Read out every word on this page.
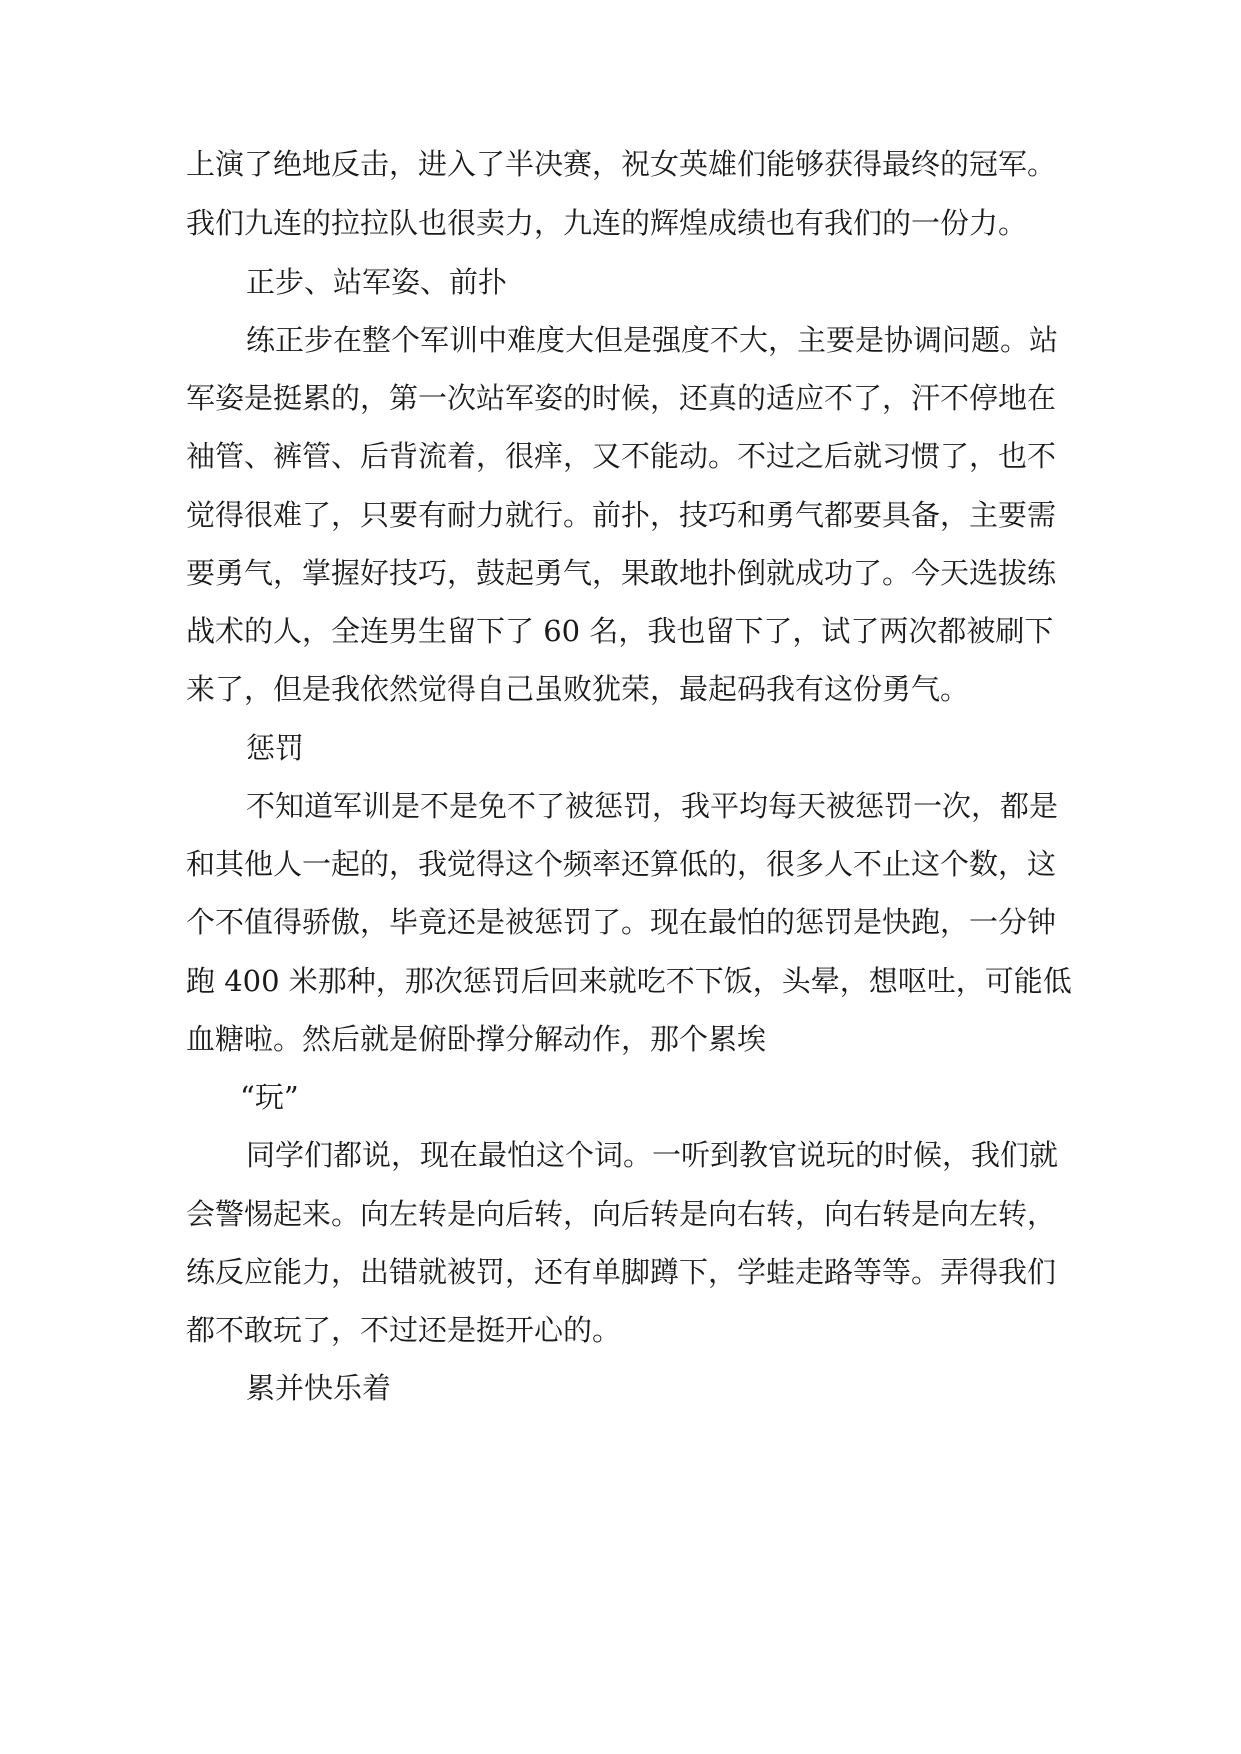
上演了绝地反击，进入了半决赛，祝女英雄们能够获得最终的冠军。
我们九连的拉拉队也很卖力，九连的辉煌成绩也有我们的一份力。
正步、站军姿、前扑
练正步在整个军训中难度大但是强度不大，主要是协调问题。站
军姿是挺累的，第一次站军姿的时候，还真的适应不了，汗不停地在
袖管、裤管、后背流着，很痒，又不能动。不过之后就习惯了，也不
觉得很难了，只要有耐力就行。前扑，技巧和勇气都要具备，主要需
要勇气，掌握好技巧，鼓起勇气，果敢地扑倒就成功了。今天选拔练
战术的人，全连男生留下了 60 名，我也留下了，试了两次都被刷下
来了，但是我依然觉得自己虽败犹荣，最起码我有这份勇气。
惩罚
不知道军训是不是免不了被惩罚，我平均每天被惩罚一次，都是
和其他人一起的，我觉得这个频率还算低的，很多人不止这个数，这
个不值得骄傲，毕竟还是被惩罚了。现在最怕的惩罚是快跑，一分钟
跑 400 米那种，那次惩罚后回来就吃不下饭，头晕，想呕吐，可能低
血糖啦。然后就是俯卧撑分解动作，那个累埃
“玩”
同学们都说，现在最怕这个词。一听到教官说玩的时候，我们就
会警惕起来。向左转是向后转，向后转是向右转，向右转是向左转，
练反应能力，出错就被罚，还有单脚蹲下，学蛙走路等等。弄得我们
都不敢玩了，不过还是挺开心的。
累并快乐着
